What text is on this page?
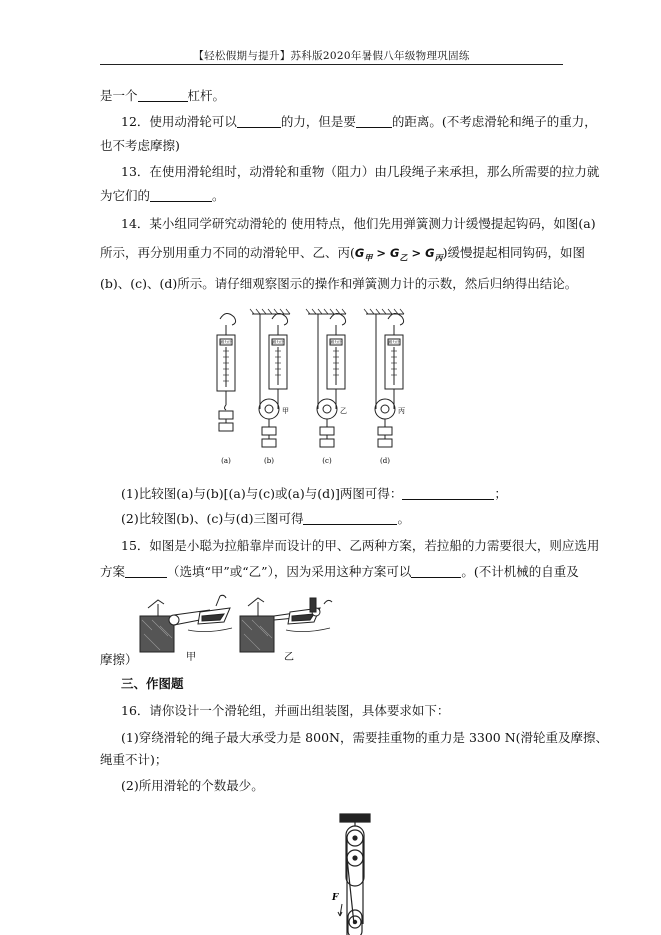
【轻松假期与提升】苏科版2020年暑假八年级物理巩固练
是一个	杠杆。
12．使用动滑轮可以	的力，但是要	的距离。(不考虑滑轮和绳子的重力，
也不考虑摩擦)
13．在使用滑轮组时，动滑轮和重物（阻力）由几段绳子来承担，那么所需要的拉力就
为它们的	。
14．某小组同学研究动滑轮的 使用特点，他们先用弹簧测力计缓慢提起钩码，如图(a)
所示，再分别用重力不同的动滑轮甲、乙、丙$(G_甲 > G_乙 > G_丙)$缓慢提起相同钩码，如图
(b)、(c)、(d)所示。请仔细观察图示的操作和弹簧测力计的示数，然后归纳得出结论。
测力计	测力计	测力计	测力计
甲	乙	丙
(a)	(b)	(c)	(d)
(1)比较图(a)与(b)[(a)与(c)或(a)与(d)]两图可得：	；
(2)比较图(b)、(c)与(d)三图可得	。
15．如图是小聪为拉船靠岸而设计的甲、乙两种方案，若拉船的力需要很大，则应选用
方案	（选填“甲”或“乙”），因为采用这种方案可以	。(不计机械的自重及
甲	乙
摩擦）
三、作图题
16．请你设计一个滑轮组，并画出组装图，具体要求如下：
(1)穿绕滑轮的绳子最大承受力是 800N，需要挂重物的重力是 3300 N(滑轮重及摩擦、
绳重不计)；
(2)所用滑轮的个数最少。
F
